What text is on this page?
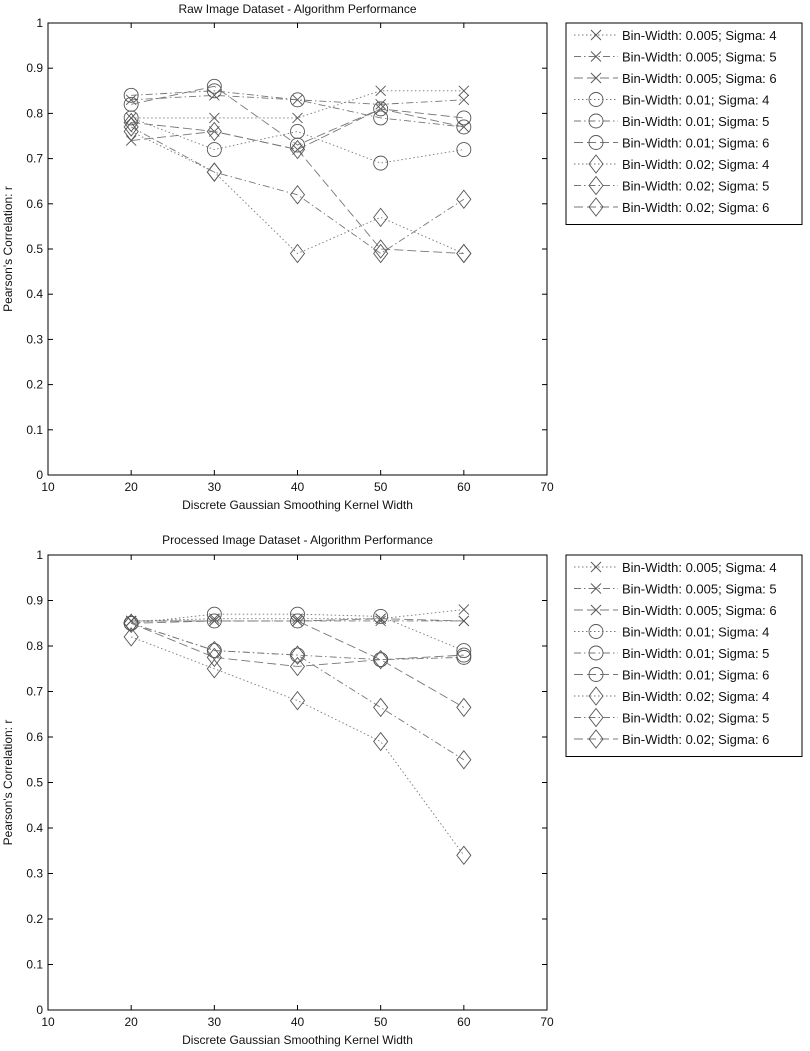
10	20	30	40	50	60	70
0
0.1
0.2
0.3
0.4
0.5
0.6
0.7
0.8
0.9
1
Raw Image Dataset - Algorithm Performance
Discrete Gaussian Smoothing Kernel Width
Pearson's Correlation: r
Bin-Width: 0.005; Sigma: 4
Bin-Width: 0.005; Sigma: 5
Bin-Width: 0.005; Sigma: 6
Bin-Width: 0.01; Sigma: 4
Bin-Width: 0.01; Sigma: 5
Bin-Width: 0.01; Sigma: 6
Bin-Width: 0.02; Sigma: 4
Bin-Width: 0.02; Sigma: 5
Bin-Width: 0.02; Sigma: 6
10	20	30	40	50	60	70
0
0.1
0.2
0.3
0.4
0.5
0.6
0.7
0.8
0.9
1
Processed Image Dataset - Algorithm Performance
Discrete Gaussian Smoothing Kernel Width
Pearson's Correlation: r
Bin-Width: 0.005; Sigma: 4
Bin-Width: 0.005; Sigma: 5
Bin-Width: 0.005; Sigma: 6
Bin-Width: 0.01; Sigma: 4
Bin-Width: 0.01; Sigma: 5
Bin-Width: 0.01; Sigma: 6
Bin-Width: 0.02; Sigma: 4
Bin-Width: 0.02; Sigma: 5
Bin-Width: 0.02; Sigma: 6
